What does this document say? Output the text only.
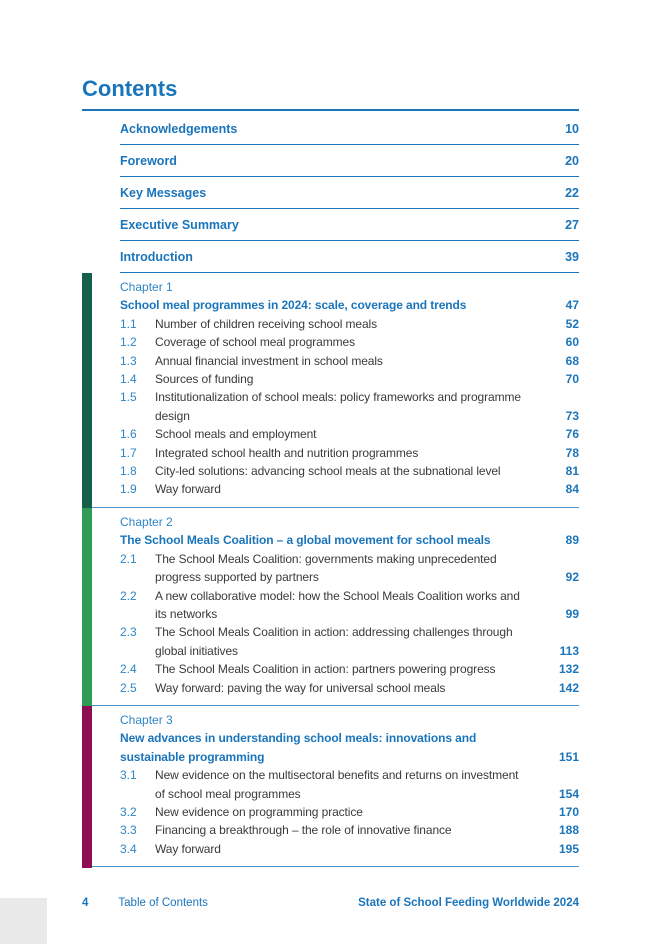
Contents
Acknowledgements	10
Foreword	20
Key Messages	22
Executive Summary	27
Introduction	39
Chapter 1
School meal programmes in 2024: scale, coverage and trends	47
1.1	Number of children receiving school meals	52
1.2	Coverage of school meal programmes	60
1.3	Annual financial investment in school meals	68
1.4	Sources of funding	70
1.5	Institutionalization of school meals: policy frameworks and programme
design	73
1.6	School meals and employment	76
1.7	Integrated school health and nutrition programmes	78
1.8	City-led solutions: advancing school meals at the subnational level	81
1.9	Way forward	84
Chapter 2
The School Meals Coalition – a global movement for school meals	89
2.1	The School Meals Coalition: governments making unprecedented
progress supported by partners	92
2.2	A new collaborative model: how the School Meals Coalition works and
its networks	99
2.3	The School Meals Coalition in action: addressing challenges through
global initiatives	113
2.4	The School Meals Coalition in action: partners powering progress	132
2.5	Way forward: paving the way for universal school meals	142
Chapter 3
New advances in understanding school meals: innovations and
sustainable programming	151
3.1	New evidence on the multisectoral benefits and returns on investment
of school meal programmes	154
3.2	New evidence on programming practice	170
3.3	Financing a breakthrough – the role of innovative finance	188
3.4	Way forward	195
4	Table of Contents	State of School Feeding Worldwide 2024
